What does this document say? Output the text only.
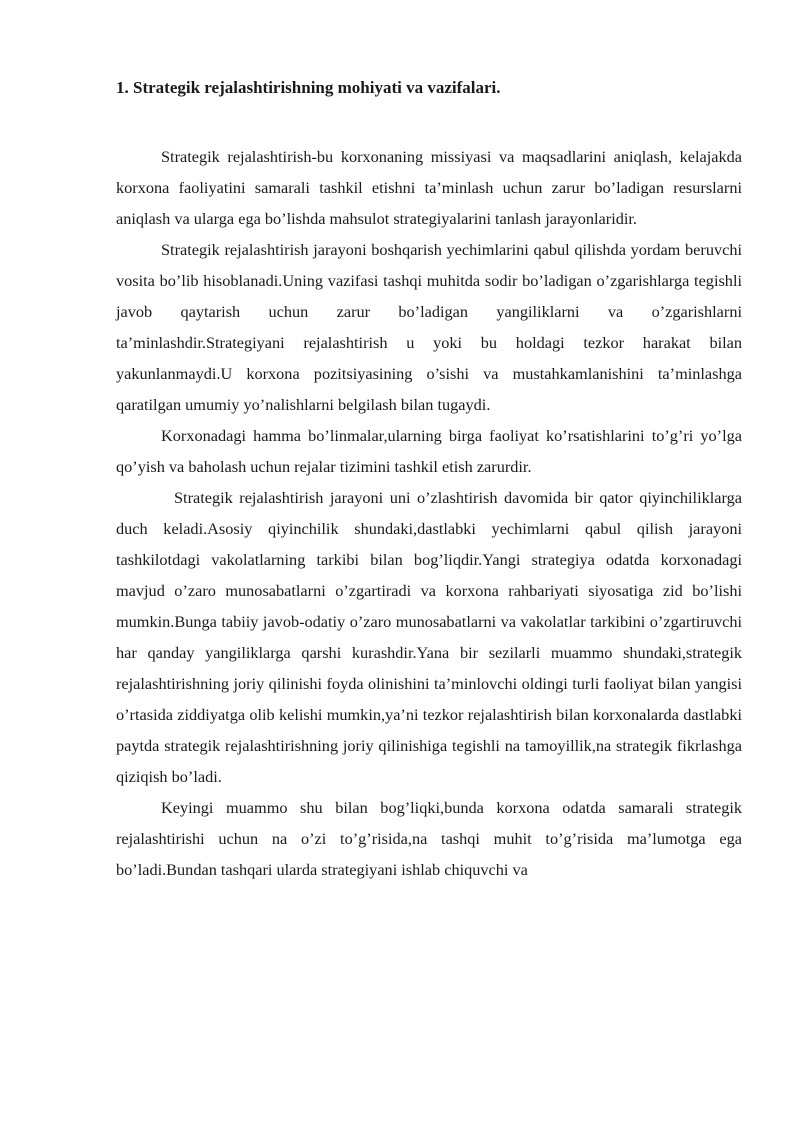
1. Strategik rejalashtirishning mohiyati va vazifalari.

Strategik rejalashtirish-bu korxonaning missiyasi va maqsadlarini aniqlash, kelajakda korxona faoliyatini samarali tashkil etishni ta’minlash uchun zarur bo’ladigan resurslarni aniqlash va ularga ega bo’lishda mahsulot strategiyalarini tanlash jarayonlaridir.

Strategik rejalashtirish jarayoni boshqarish yechimlarini qabul qilishda yordam beruvchi vosita bo’lib hisoblanadi.Uning vazifasi tashqi muhitda sodir bo’ladigan o’zgarishlarga tegishli javob qaytarish uchun zarur bo’ladigan yangiliklarni va o’zgarishlarni ta’minlashdir.Strategiyani rejalashtirish u yoki bu holdagi tezkor harakat bilan yakunlanmaydi.U korxona pozitsiyasining o’sishi va mustahkamlanishini ta’minlashga qaratilgan umumiy yo’nalishlarni belgilash bilan tugaydi.

Korxonadagi hamma bo’linmalar,ularning birga faoliyat ko’rsatishlarini to’g’ri yo’lga qo’yish va baholash uchun rejalar tizimini tashkil etish zarurdir.

Strategik rejalashtirish jarayoni uni o’zlashtirish davomida bir qator qiyinchiliklarga duch keladi.Asosiy qiyinchilik shundaki,dastlabki yechimlarni qabul qilish jarayoni tashkilotdagi vakolatlarning tarkibi bilan bog’liqdir.Yangi strategiya odatda korxonadagi mavjud o’zaro munosabatlarni o’zgartiradi va korxona rahbariyati siyosatiga zid bo’lishi mumkin.Bunga tabiiy javob-odatiy o’zaro munosabatlarni va vakolatlar tarkibini o’zgartiruvchi har qanday yangiliklarga qarshi kurashdir.Yana bir sezilarli muammo shundaki,strategik rejalashtirishning joriy qilinishi foyda olinishini ta’minlovchi oldingi turli faoliyat bilan yangisi o’rtasida ziddiyatga olib kelishi mumkin,ya’ni tezkor rejalashtirish bilan korxonalarda dastlabki paytda strategik rejalashtirishning joriy qilinishiga tegishli na tamoyillik,na strategik fikrlashga qiziqish bo’ladi.

Keyingi muammo shu bilan bog’liqki,bunda korxona odatda samarali strategik rejalashtirishi uchun na o’zi to’g’risida,na tashqi muhit to’g’risida ma’lumotga ega bo’ladi.Bundan tashqari ularda strategiyani ishlab chiquvchi va
